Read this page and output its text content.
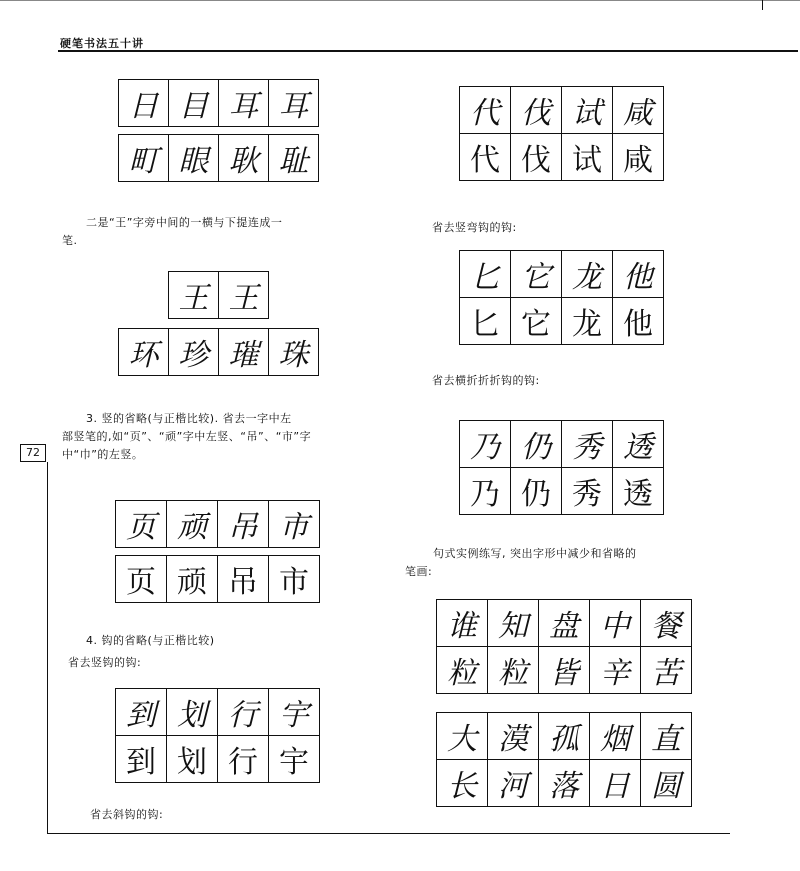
硬笔书法五十讲
72
日	目	耳	耳
町	眼	耿	耻
二是“王”字旁中间的一横与下提连成一
笔.
王	王
环	珍	璀	珠
3. 竖的省略(与正楷比较). 省去一字中左
部竖笔的,如“页”、“顽”字中左竖、“吊”、“市”字
中“巾”的左竖。
页	顽	吊	市
页	顽	吊	市
4. 钩的省略(与正楷比较)
省去竖钩的钩:
到	划	行	宇
到	划	行	宇
省去斜钩的钩:
代	伐	试	咸
代	伐	试	咸
省去竖弯钩的钩:
匕	它	龙	他
匕	它	龙	他
省去横折折折钩的钩:
乃	仍	秀	透
乃	仍	秀	透
句式实例练写, 突出字形中减少和省略的
笔画:
谁	知	盘	中	餐
粒	粒	皆	辛	苦
大	漠	孤	烟	直
长	河	落	日	圆
